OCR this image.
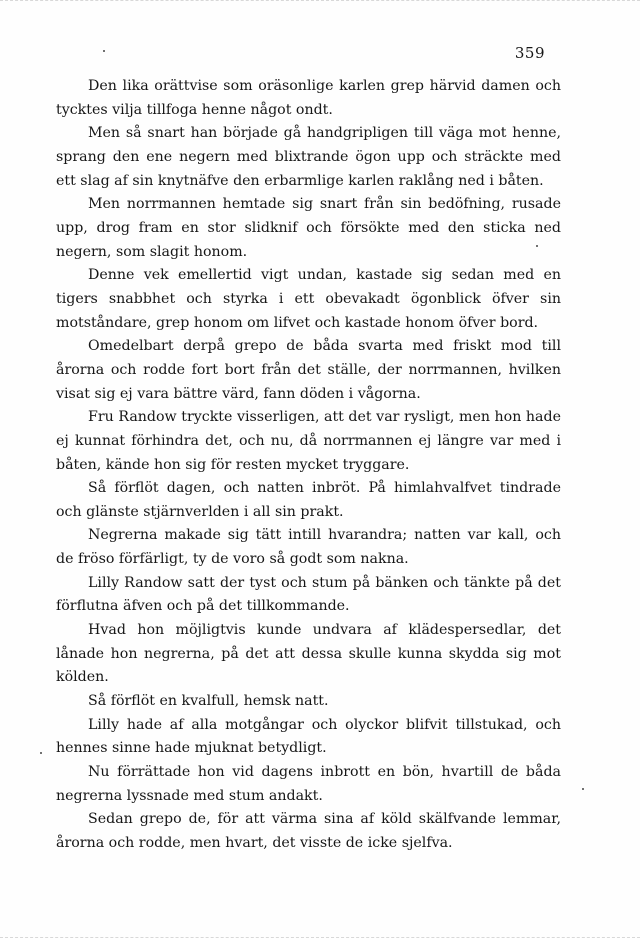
359

Den lika orättvise som oräsonlige karlen grep härvid damen och tycktes vilja tillfoga henne något ondt.

Men så snart han började gå handgripligen till väga mot henne, sprang den ene negern med blixtrande ögon upp och sträckte med ett slag af sin knytnäfve den erbarmlige karlen raklång ned i båten.

Men norrmannen hemtade sig snart från sin bedöfning, rusade upp, drog fram en stor slidknif och försökte med den sticka ned negern, som slagit honom.

Denne vek emellertid vigt undan, kastade sig sedan med en tigers snabbhet och styrka i ett obevakadt ögonblick öfver sin motståndare, grep honom om lifvet och kastade honom öfver bord.

Omedelbart derpå grepo de båda svarta med friskt mod till årorna och rodde fort bort från det ställe, der norrmannen, hvilken visat sig ej vara bättre värd, fann döden i vågorna.

Fru Randow tryckte visserligen, att det var rysligt, men hon hade ej kunnat förhindra det, och nu, då norrmannen ej längre var med i båten, kände hon sig för resten mycket tryggare.

Så förflöt dagen, och natten inbröt. På himlahvalfvet tindrade och glänste stjärnverlden i all sin prakt.

Negrerna makade sig tätt intill hvarandra; natten var kall, och de fröso förfärligt, ty de voro så godt som nakna.

Lilly Randow satt der tyst och stum på bänken och tänkte på det förflutna äfven och på det tillkommande.

Hvad hon möjligtvis kunde undvara af klädespersedlar, det lånade hon negrerna, på det att dessa skulle kunna skydda sig mot kölden.

Så förflöt en kvalfull, hemsk natt.

Lilly hade af alla motgångar och olyckor blifvit tillstukad, och hennes sinne hade mjuknat betydligt.

Nu förrättade hon vid dagens inbrott en bön, hvartill de båda negrerna lyssnade med stum andakt.

Sedan grepo de, för att värma sina af köld skälfvande lemmar, årorna och rodde, men hvart, det visste de icke sjelfva.
